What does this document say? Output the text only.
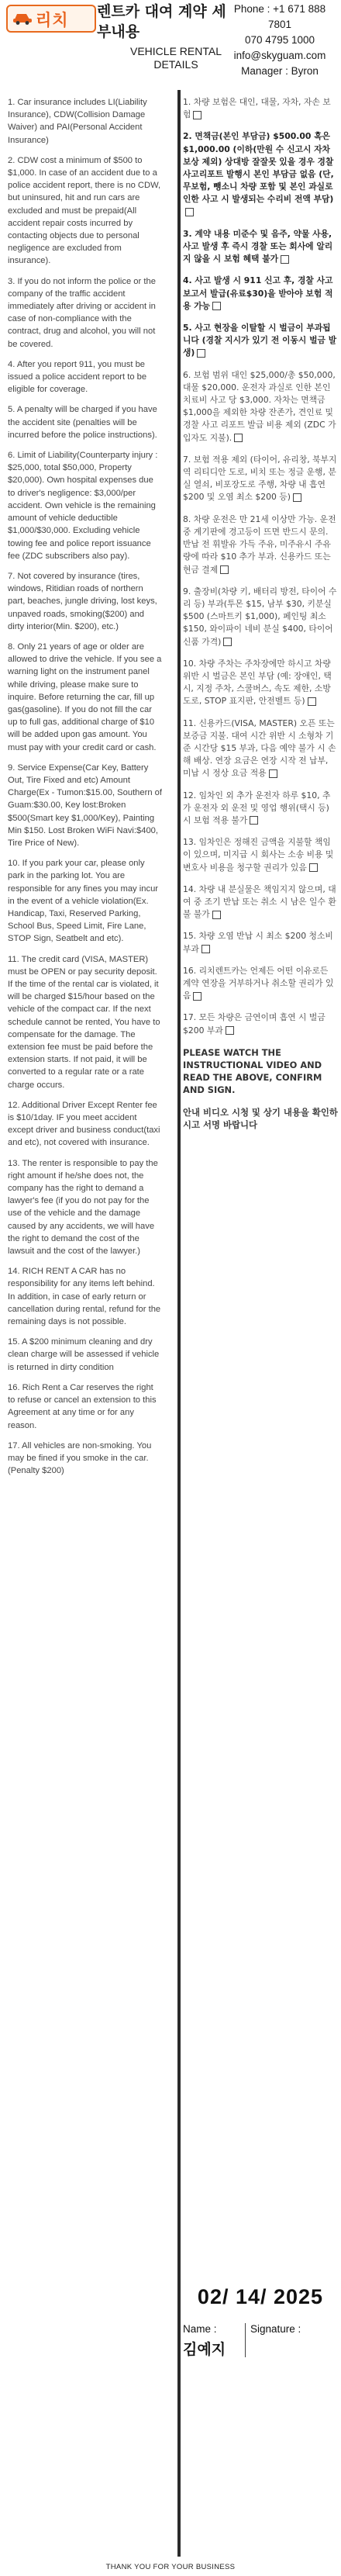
리치 렌트카 대여 계약 세부내용
VEHICLE RENTAL DETAILS
Phone : +1 671 888 7801
070 4795 1000
info@skyguam.com
Manager : Byron

1. Car insurance includes LI(Liability Insurance), CDW(Collision Damage Waiver) and PAI(Personal Accident Insurance)

2. CDW cost a minimum of $500 to $1,000. In case of an accident due to a police accident report, there is no CDW, but uninsured, hit and run cars are excluded and must be prepaid(All accident repair costs incurred by contacting objects due to personal negligence are excluded from insurance).

3. If you do not inform the police or the company of the traffic accident immediately after driving or accident in case of non-compliance with the contract, drug and alcohol, you will not be covered.

4. After you report 911, you must be issued a police accident report to be eligible for coverage.

5. A penalty will be charged if you have the accident site (penalties will be incurred before the police instructions).

6. Limit of Liability(Counterparty injury : $25,000, total $50,000, Property $20,000). Own hospital expenses due to driver's negligence: $3,000/per accident. Own vehicle is the remaining amount of vehicle deductible $1,000/$30,000. Excluding vehicle towing fee and police report issuance fee (ZDC subscribers also pay).

7. Not covered by insurance (tires, windows, Ritidian roads of northern part, beaches, jungle driving, lost keys, unpaved roads, smoking($200) and dirty interior(Min. $200), etc.)

8. Only 21 years of age or older are allowed to drive the vehicle. If you see a warning light on the instrument panel while driving, please make sure to inquire. Before returning the car, fill up gas(gasoline). If you do not fill the car up to full gas, additional charge of $10 will be added upon gas amount. You must pay with your credit card or cash.

9. Service Expense(Car Key, Battery Out, Tire Fixed and etc) Amount Charge(Ex - Tumon:$15.00, Southern of Guam:$30.00, Key lost:Broken $500(Smart key $1,000/Key), Painting Min $150. Lost Broken WiFi Navi:$400, Tire Price of New).

10. If you park your car, please only park in the parking lot. You are responsible for any fines you may incur in the event of a vehicle violation(Ex. Handicap, Taxi, Reserved Parking, School Bus, Speed Limit, Fire Lane, STOP Sign, Seatbelt and etc).

11. The credit card (VISA, MASTER) must be OPEN or pay security deposit. If the time of the rental car is violated, it will be charged $15/hour based on the vehicle of the compact car. If the next schedule cannot be rented, You have to compensate for the damage. The extension fee must be paid before the extension starts. If not paid, it will be converted to a regular rate or a rate charge occurs.

12. Additional Driver Except Renter fee is $10/1day. IF you meet accident except driver and business conduct(taxi and etc), not covered with insurance.

13. The renter is responsible to pay the right amount if he/she does not, the company has the right to demand a lawyer's fee (if you do not pay for the use of the vehicle and the damage caused by any accidents, we will have the right to demand the cost of the lawsuit and the cost of the lawyer.)

14. RICH RENT A CAR has no responsibility for any items left behind. In addition, in case of early return or cancellation during rental, refund for the remaining days is not possible.

15. A $200 minimum cleaning and dry clean charge will be assessed if vehicle is returned in dirty condition

16. Rich Rent a Car reserves the right to refuse or cancel an extension to this Agreement at any time or for any reason.

17. All vehicles are non-smoking. You may be fined if you smoke in the car. (Penalty $200)

1. 차량 보험은 대인, 대물, 자차, 자손 보험

2. 면책금(본인 부담금) $500.00 혹은 $1,000.00 (이하(만원 수 신고시 자차 보상 제외) 상대방 잘잘못 있을 경우 경찰 사고리포트 발행시 본인 부담금 없음 (단, 무보험, 뺑소니 차량 포함 및 본인 과실로 인한 사고 시 발생되는 수리비 전액 부담)

3. 계약 내용 미준수 및 음주, 약물 사용, 사고 발생 후 즉시 경찰 또는 회사에 알리지 않을 시 보험 혜택 불가

4. 사고 발생 시 911 신고 후, 경찰 사고보고서 발급(유료$30)을 받아야 보험 적용 가능

5. 사고 현장을 이탈할 시 벌금이 부과됩니다 (경찰 지시가 있기 전 이동시 벌금 발생)

6. 보험 범위 대인 $25,000/총 $50,000, 대물 $20,000. 운전자 과실로 인한 본인 치료비 사고 당 $3,000. 자차는 면책금 $1,000을 제외한 차량 잔존가, 견인료 및 경찰 사고 리포트 발급 비용 제외 (ZDC 가입자도 지불).

7. 보험 적용 제외 (타이어, 유리창, 북부지역 리티디안 도로, 비치 또는 정글 운행, 분실 열쇠, 비포장도로 주행, 차량 내 흡연 $200 및 오염 최소 $200 등)

8. 차량 운전은 만 21세 이상만 가능. 운전 중 계기판에 경고등이 뜨면 반드시 문의. 반납 전 휘발유 가득 주유, 미주유시 주유량에 따라 $10 추가 부과. 신용카드 또는 현금 결제

9. 출장비(차량 키, 배터리 방전, 타이어 수리 등) 부과(투몬 $15, 남부 $30, 키분실 $500 (스마트키 $1,000), 페인팅 최소 $150, 와이파이 네비 분실 $400, 타이어 신품 가격)

10. 차량 주차는 주차장에만 하시고 차량 위반 시 벌금은 본인 부담 (예: 장애인, 택시, 지정 주차, 스쿨버스, 속도 제한, 소방 도로, STOP 표지판, 안전벨트 등)

11. 신용카드(VISA, MASTER) 오픈 또는 보증금 지불. 대여 시간 위반 시 소형차 기준 시간당 $15 부과, 다음 예약 불가 시 손해 배상. 연장 요금은 연장 시작 전 납부, 미납 시 정상 요금 적용

12. 임차인 외 추가 운전자 하루 $10, 추가 운전자 외 운전 및 영업 행위(택시 등) 시 보험 적용 불가

13. 임차인은 정해진 금액을 지불할 책임이 있으며, 미지급 시 회사는 소송 비용 및 변호사 비용을 청구할 권리가 있음

14. 차량 내 분실물은 책임지지 않으며, 대여 중 조기 반납 또는 취소 시 남은 일수 환불 불가

15. 차량 오염 반납 시 최소 $200 청소비 부과

16. 리치렌트카는 언제든 어떤 이유로든 계약 연장을 거부하거나 취소할 권리가 있음

17. 모든 차량은 금연이며 흡연 시 벌금 $200 부과

PLEASE WATCH THE INSTRUCTIONAL VIDEO AND READ THE ABOVE, CONFIRM AND SIGN.

안내 비디오 시청 및 상기 내용을 확인하시고 서명 바랍니다

02/ 14/ 2025
Name :
김예지
Signature :
THANK YOU FOR YOUR BUSINESS
